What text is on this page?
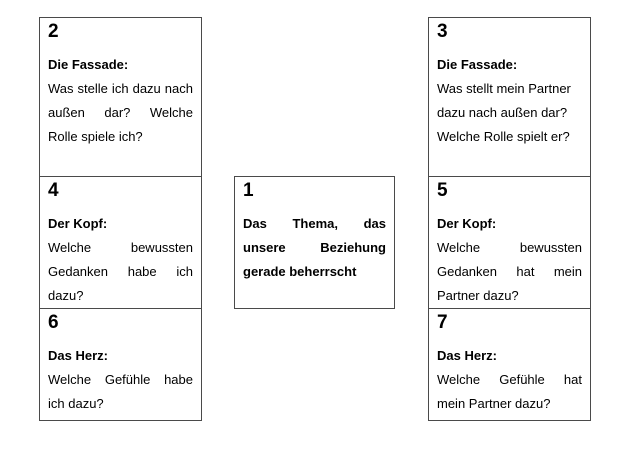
2
Die Fassade:
Was stelle ich dazu nach außen dar? Welche Rolle spiele ich?
3
Die Fassade:
Was stellt mein Partner dazu nach außen dar? Welche Rolle spielt er?
4
Der Kopf:
Welche bewussten Gedanken habe ich dazu?
1
Das Thema, das unsere Beziehung gerade beherrscht
5
Der Kopf:
Welche bewussten Gedanken hat mein Partner dazu?
6
Das Herz:
Welche Gefühle habe ich dazu?
7
Das Herz:
Welche Gefühle hat mein Partner dazu?
